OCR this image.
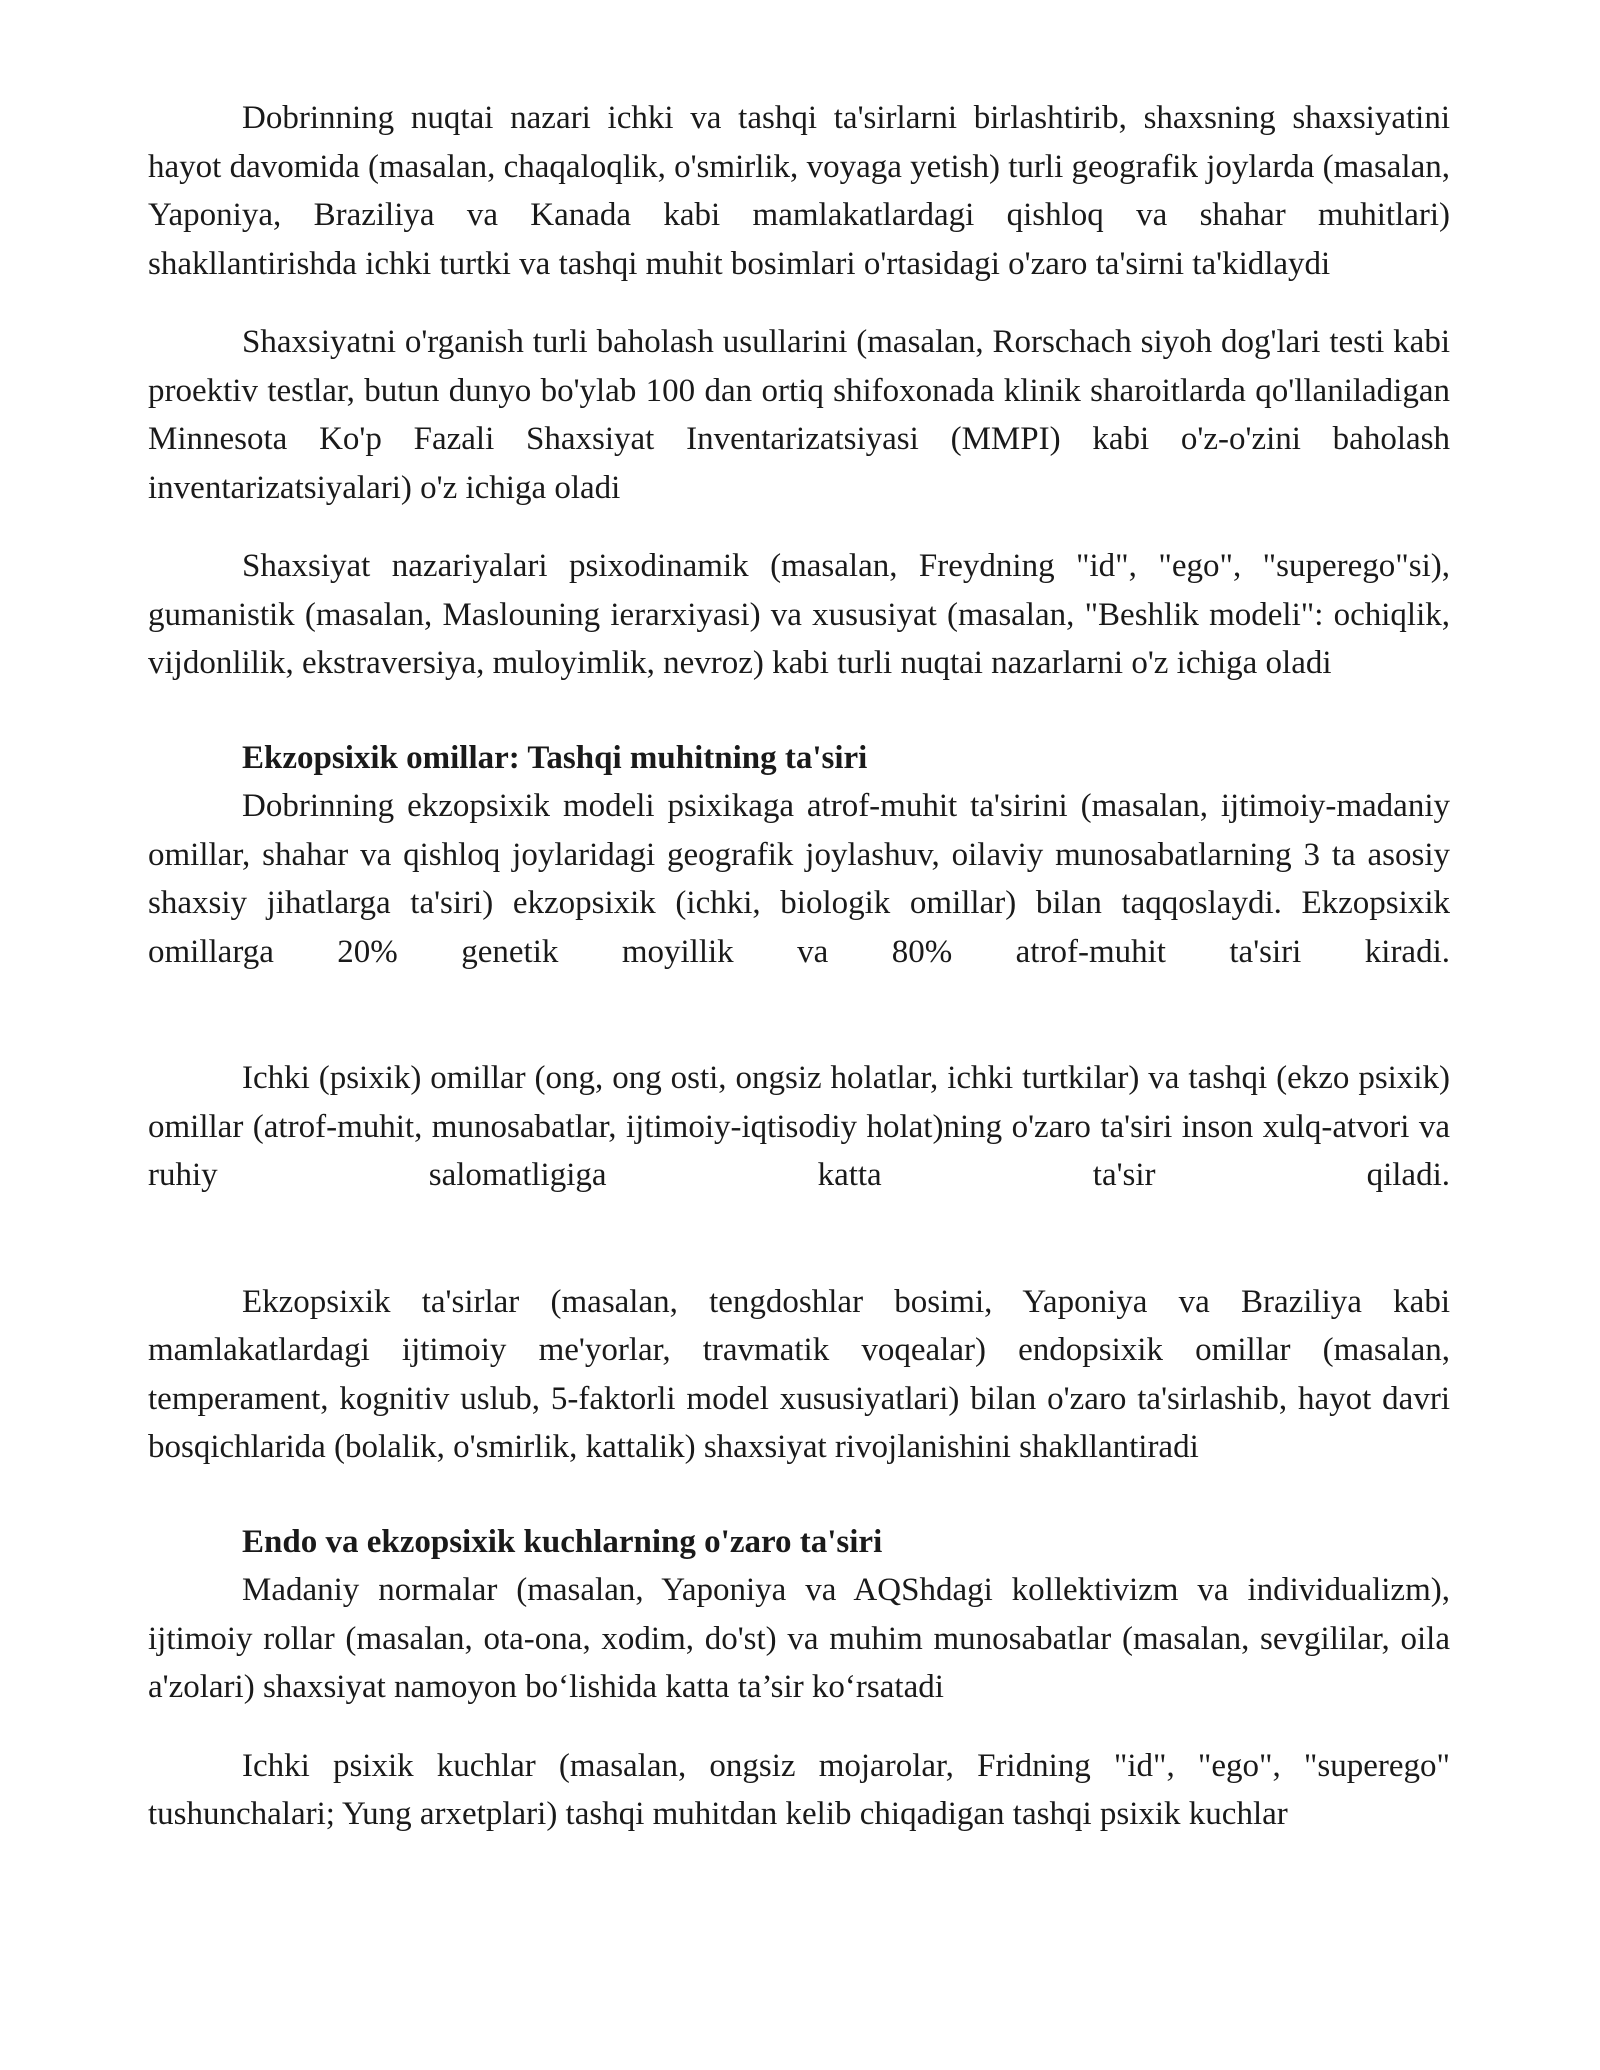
Dobrinning nuqtai nazari ichki va tashqi ta'sirlarni birlashtirib, shaxsning shaxsiyatini hayot davomida (masalan, chaqaloqlik, o'smirlik, voyaga yetish) turli geografik joylarda (masalan, Yaponiya, Braziliya va Kanada kabi mamlakatlardagi qishloq va shahar muhitlari) shakllantirishda ichki turtki va tashqi muhit bosimlari o'rtasidagi o'zaro ta'sirni ta'kidlaydi

Shaxsiyatni o'rganish turli baholash usullarini (masalan, Rorschach siyoh dog'lari testi kabi proektiv testlar, butun dunyo bo'ylab 100 dan ortiq shifoxonada klinik sharoitlarda qo'llaniladigan Minnesota Ko'p Fazali Shaxsiyat Inventarizatsiyasi (MMPI) kabi o'z-o'zini baholash inventarizatsiyalari) o'z ichiga oladi

Shaxsiyat nazariyalari psixodinamik (masalan, Freydning "id", "ego", "superego"si), gumanistik (masalan, Maslouning ierarxiyasi) va xususiyat (masalan, "Beshlik modeli": ochiqlik, vijdonlilik, ekstraversiya, muloyimlik, nevroz) kabi turli nuqtai nazarlarni o'z ichiga oladi

Ekzopsixik omillar: Tashqi muhitning ta'siri

Dobrinning ekzopsixik modeli psixikaga atrof-muhit ta'sirini (masalan, ijtimoiy-madaniy omillar, shahar va qishloq joylaridagi geografik joylashuv, oilaviy munosabatlarning 3 ta asosiy shaxsiy jihatlarga ta'siri) ekzopsixik (ichki, biologik omillar) bilan taqqoslaydi. Ekzopsixik omillarga 20% genetik moyillik va 80% atrof-muhit ta'siri kiradi.

Ichki (psixik) omillar (ong, ong osti, ongsiz holatlar, ichki turtkilar) va tashqi (ekzo psixik) omillar (atrof-muhit, munosabatlar, ijtimoiy-iqtisodiy holat)ning o'zaro ta'siri inson xulq-atvori va ruhiy salomatligiga katta ta'sir qiladi.

Ekzopsixik ta'sirlar (masalan, tengdoshlar bosimi, Yaponiya va Braziliya kabi mamlakatlardagi ijtimoiy me'yorlar, travmatik voqealar) endopsixik omillar (masalan, temperament, kognitiv uslub, 5-faktorli model xususiyatlari) bilan o'zaro ta'sirlashib, hayot davri bosqichlarida (bolalik, o'smirlik, kattalik) shaxsiyat rivojlanishini shakllantiradi

Endo va ekzopsixik kuchlarning o'zaro ta'siri

Madaniy normalar (masalan, Yaponiya va AQShdagi kollektivizm va individualizm), ijtimoiy rollar (masalan, ota-ona, xodim, do'st) va muhim munosabatlar (masalan, sevgililar, oila a'zolari) shaxsiyat namoyon bo‘lishida katta ta’sir ko‘rsatadi

Ichki psixik kuchlar (masalan, ongsiz mojarolar, Fridning "id", "ego", "superego" tushunchalari; Yung arxetplari) tashqi muhitdan kelib chiqadigan tashqi psixik kuchlar
